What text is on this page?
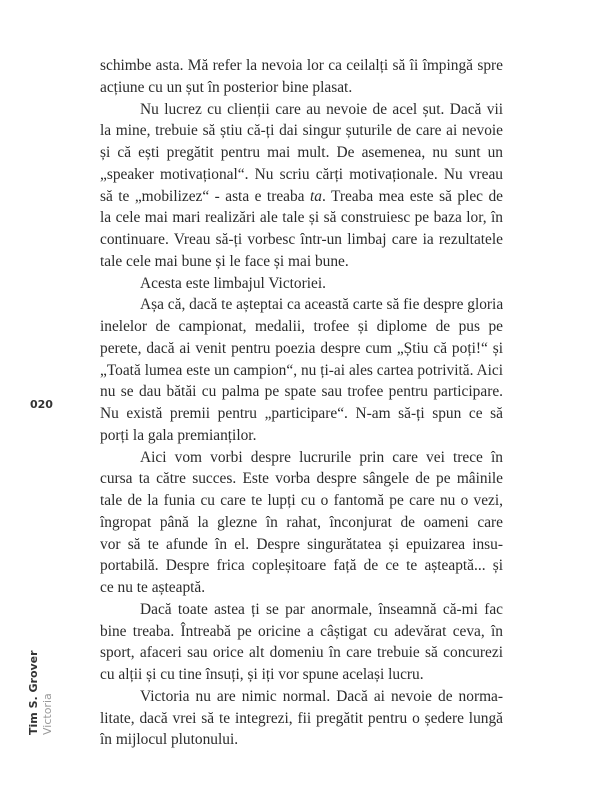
schimbe asta. Mă refer la nevoia lor ca ceilalți să îi împingă spre
acțiune cu un șut în posterior bine plasat.
Nu lucrez cu clienții care au nevoie de acel șut. Dacă vii
la mine, trebuie să știu că-ți dai singur șuturile de care ai nevoie
și că ești pregătit pentru mai mult. De asemenea, nu sunt un
„speaker motivațional“. Nu scriu cărți motivaționale. Nu vreau
să te „mobilizez“ - asta e treaba ta. Treaba mea este să plec de
la cele mai mari realizări ale tale și să construiesc pe baza lor, în
continuare. Vreau să-ți vorbesc într-un limbaj care ia rezultatele
tale cele mai bune și le face și mai bune.
Acesta este limbajul Victoriei.
Așa că, dacă te așteptai ca această carte să fie despre gloria
inelelor de campionat, medalii, trofee și diplome de pus pe
perete, dacă ai venit pentru poezia despre cum „Știu că poți!“ și
„Toată lumea este un campion“, nu ți-ai ales cartea potrivită. Aici
nu se dau bătăi cu palma pe spate sau trofee pentru participare.
Nu există premii pentru „participare“. N-am să-ți spun ce să
porți la gala premianților.
Aici vom vorbi despre lucrurile prin care vei trece în
cursa ta către succes. Este vorba despre sângele de pe mâinile
tale de la funia cu care te lupți cu o fantomă pe care nu o vezi,
îngropat până la glezne în rahat, înconjurat de oameni care
vor să te afunde în el. Despre singurătatea și epuizarea insu-
portabilă. Despre frica copleșitoare față de ce te așteaptă... și
ce nu te așteaptă.
Dacă toate astea ți se par anormale, înseamnă că-mi fac
bine treaba. Întreabă pe oricine a câștigat cu adevărat ceva, în
sport, afaceri sau orice alt domeniu în care trebuie să concurezi
cu alții și cu tine însuți, și iți vor spune același lucru.
Victoria nu are nimic normal. Dacă ai nevoie de norma-
litate, dacă vrei să te integrezi, fii pregătit pentru o ședere lungă
în mijlocul plutonului.
020
Tim S. Grover Victoria
